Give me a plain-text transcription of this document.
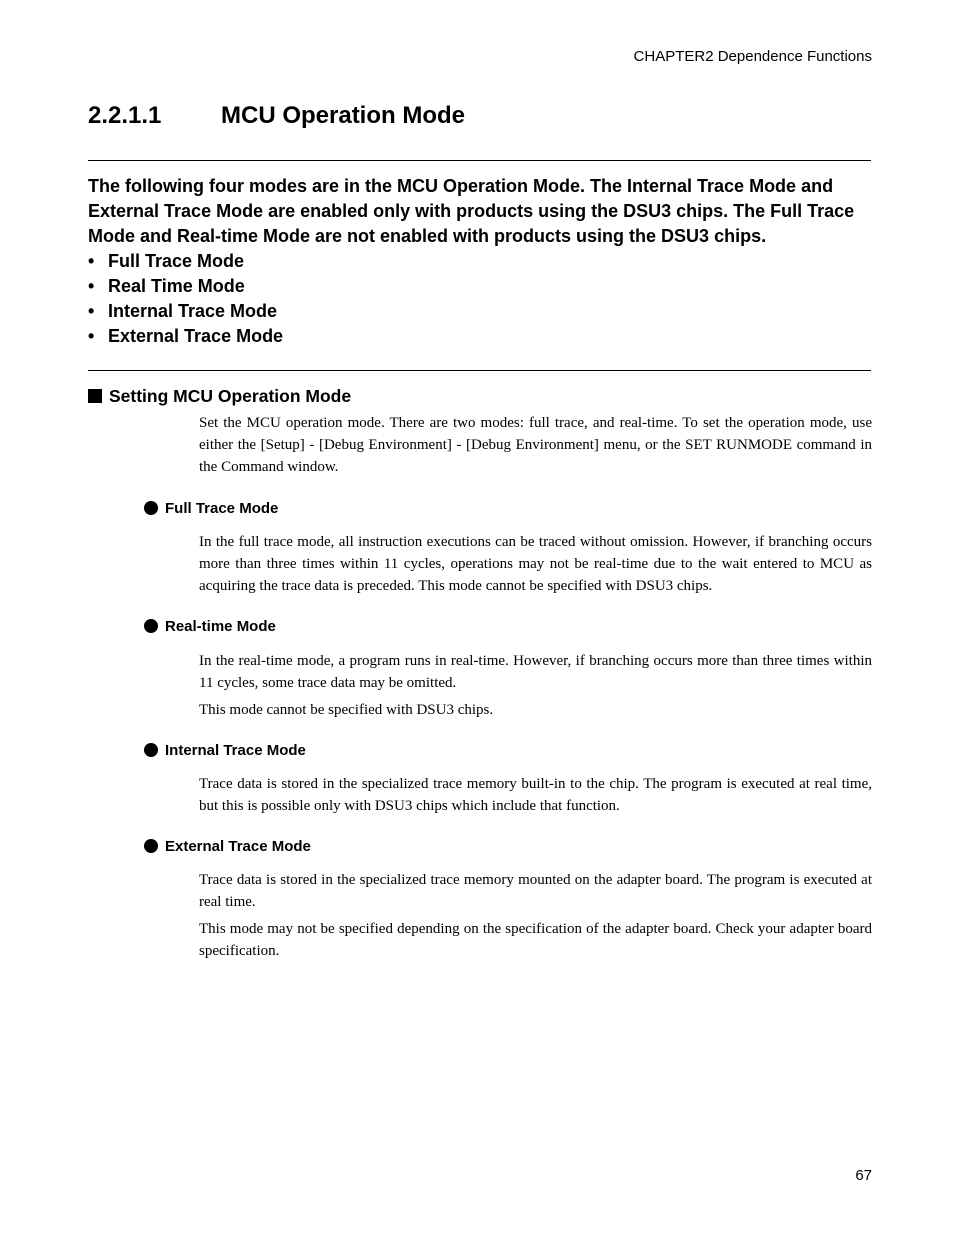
CHAPTER2 Dependence Functions
2.2.1.1 MCU Operation Mode

The following four modes are in the MCU Operation Mode. The Internal Trace Mode and External Trace Mode are enabled only with products using the DSU3 chips. The Full Trace Mode and Real-time Mode are not enabled with products using the DSU3 chips.

• Full Trace Mode
• Real Time Mode
• Internal Trace Mode
• External Trace Mode
Setting MCU Operation Mode

Set the MCU operation mode. There are two modes: full trace, and real-time. To set the operation mode, use either the [Setup] - [Debug Environment] - [Debug Environment] menu, or the SET RUNMODE command in the Command window.

Full Trace Mode

In the full trace mode, all instruction executions can be traced without omission. However, if branching occurs more than three times within 11 cycles, operations may not be real-time due to the wait entered to MCU as acquiring the trace data is preceded. This mode cannot be specified with DSU3 chips.

Real-time Mode

In the real-time mode, a program runs in real-time. However, if branching occurs more than three times within 11 cycles, some trace data may be omitted.

This mode cannot be specified with DSU3 chips.

Internal Trace Mode

Trace data is stored in the specialized trace memory built-in to the chip. The program is executed at real time, but this is possible only with DSU3 chips which include that function.

External Trace Mode

Trace data is stored in the specialized trace memory mounted on the adapter board. The program is executed at real time.

This mode may not be specified depending on the specification of the adapter board. Check your adapter board specification.

67
